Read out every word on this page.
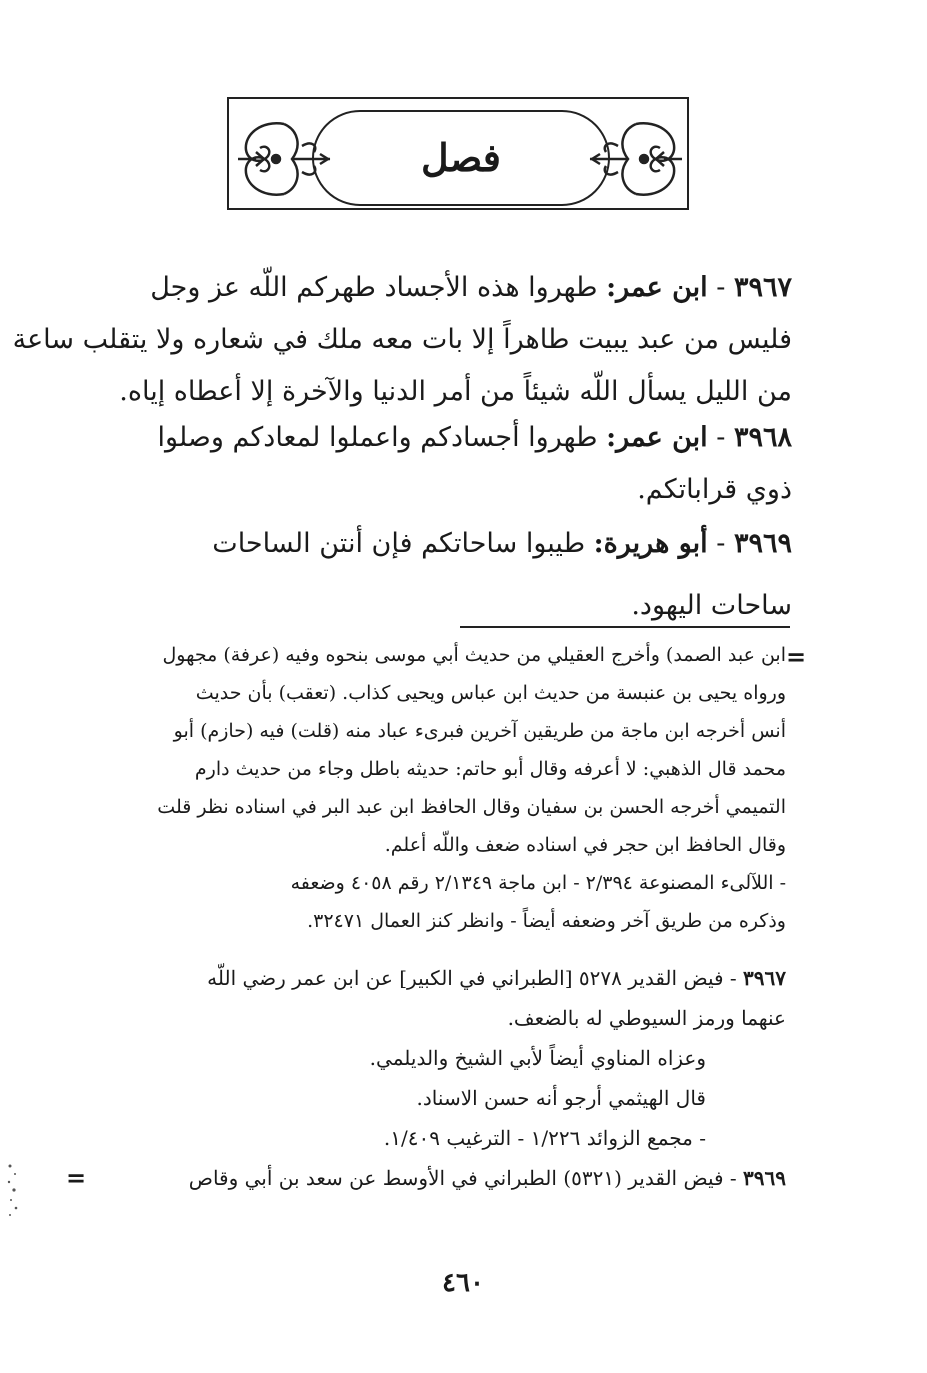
فصل
٣٩٦٧ - ابن عمر: طهروا هذه الأجساد طهركم اللّه عز وجل
فليس من عبد يبيت طاهراً إلا بات معه ملك في شعاره ولا يتقلب ساعة
من الليل يسأل اللّه شيئاً من أمر الدنيا والآخرة إلا أعطاه إياه.
٣٩٦٨ - ابن عمر: طهروا أجسادكم واعملوا لمعادكم وصلوا
ذوي قراباتكم.
٣٩٦٩ - أبو هريرة: طيبوا ساحاتكم فإن أنتن الساحات
ساحات اليهود.
=
ابن عبد الصمد) وأخرج العقيلي من حديث أبي موسى بنحوه وفيه (عرفة) مجهول
ورواه يحيى بن عنبسة من حديث ابن عباس ويحيى كذاب. (تعقب) بأن حديث
أنس أخرجه ابن ماجة من طريقين آخرين فبرىء عباد منه (قلت) فيه (حازم) أبو
محمد قال الذهبي: لا أعرفه وقال أبو حاتم: حديثه باطل وجاء من حديث دارم
التميمي أخرجه الحسن بن سفيان وقال الحافظ ابن عبد البر في اسناده نظر قلت
وقال الحافظ ابن حجر في اسناده ضعف واللّه أعلم.
- اللآلىء المصنوعة ٢/٣٩٤ - ابن ماجة ٢/١٣٤٩ رقم ٤٠٥٨ وضعفه
وذكره من طريق آخر وضعفه أيضاً - وانظر كنز العمال ٣٢٤٧١.
٣٩٦٧ - فيض القدير ٥٢٧٨ [الطبراني في الكبير] عن ابن عمر رضي اللّه
عنهما ورمز السيوطي له بالضعف.
وعزاه المناوي أيضاً لأبي الشيخ والديلمي.
قال الهيثمي أرجو أنه حسن الاسناد.
- مجمع الزوائد ١/٢٢٦ - الترغيب ١/٤٠٩.
٣٩٦٩ - فيض القدير (٥٣٢١) الطبراني في الأوسط عن سعد بن أبي وقاص
=
٤٦٠
